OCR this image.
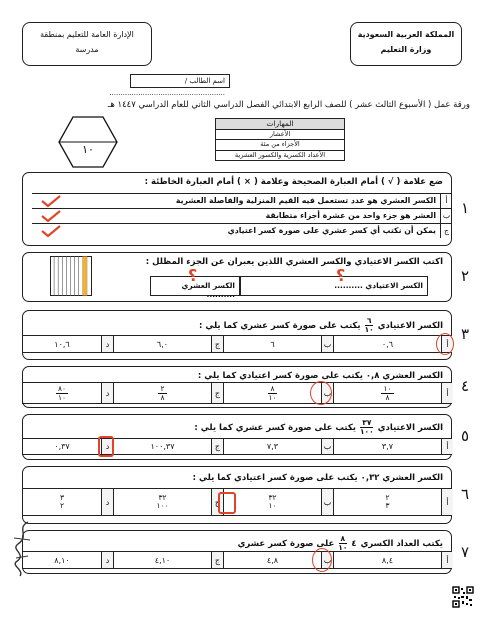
المملكة العربية السعودية
وزارة التعليم
الإدارة العامة للتعليم بمنطقة
مدرسة
اسم الطالب / ....................................................
ورقة عمل ( الأسبوع الثالث عشر ) للصف الرابع الابتدائي الفصل الدراسي الثاني للعام الدراسي ١٤٤٧ هـ
١٠
المهارات
الأعشار
الأجزاء من مئة
الأعداد الكسرية والكسور العشرية
١
ضع علامة ( √ ) أمام العبارة الصحيحة وعلامة ( × ) أمام العبارة الخاطئة :
أ
الكسر العشري هو عدد تستعمل فيه القيم المنزلية والفاصلة العشرية
ب
العشر هو جزء واحد من عشرة أجزاء متطابقة
ج
يمكن أن نكتب أي كسر عشري على صورة كسر اعتيادي
٢
اكتب الكسر الاعتيادي والكسر العشري اللذين يعبران عن الجزء المظلل :
الكسر الاعتيادي ..........
الكسر العشري ..........
؟	؟
٣
الكسر الاعتيادي
٦
١٠
يكتب على صورة كسر عشري كما يلي :
أ
٠,٦
ب
٦
ج
٦,٠
د
١٠,٦
٤
الكسر العشري ٠,٨ يكتب على صورة كسر اعتيادي كما يلي :
أ
١٠
٨
ب
٨
١٠
ج
٢
٨
د
٨٠
١٠
٥
الكسر الاعتيادي
٣٧
١٠٠
يكتب على صورة كسر عشري كما يلي :
أ
٣,٧
ب
٧,٣
ج
١٠٠,٣٧
د
٠,٣٧
٦
الكسر العشري ٠,٣٢ يكتب على صورة كسر اعتيادي كما يلي :
أ
٢
٣
ب
٣٢
١٠
ج
٣٢
١٠٠
د
٣
٢
٧
يكتب العداد الكسري
٤
٨
١٠
على صورة كسر عشري
أ
٨,٤
ب
٤,٨
ج
٤,١٠
د
٨,١٠
